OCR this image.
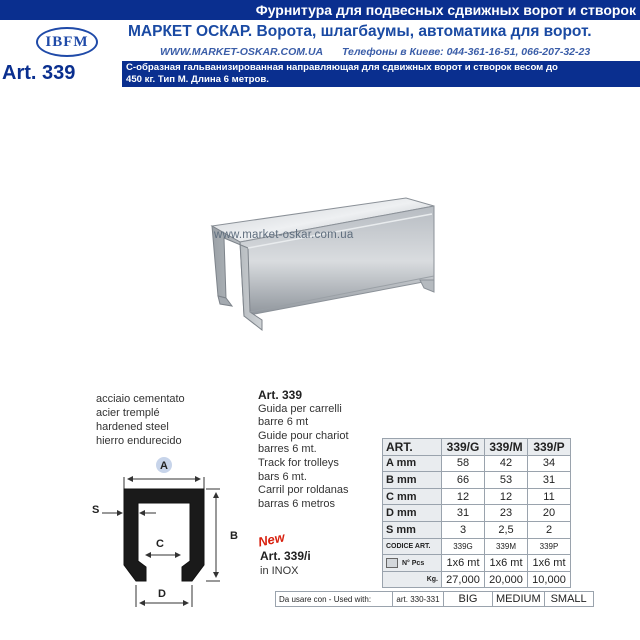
Фурнитура для подвесных сдвижных ворот и створок
IBFM
МАРКЕТ ОСКАР. Ворота, шлагбаумы, автоматика для ворот.
WWW.MARKET-OSKAR.COM.UA Телефоны в Киеве: 044-361-16-51, 066-207-32-23
Art. 339	С-образная гальванизированная направляющая для сдвижных ворот и створок весом до
450 кг. Тип М. Длина 6 метров.
www.market-oskar.com.ua
acciaio cementato
acier tremplé
hardened steel
hierro endurecido
Art. 339
Guida per carrelli
barre 6 mt
Guide pour chariot
barres 6 mt.
Track for trolleys
bars 6 mt.
Carril por roldanas
barras 6 metros
New
Art. 339/i
in INOX
A
B
S
C
D
ART.	339/G	339/M	339/P
A mm	58	42	34
B mm	66	53	31
C mm	12	12	11
D mm	31	23	20
S mm	3	2,5	2
CODICE ART.	339G	339M	339P
N° Pcs	1x6 mt	1x6 mt	1x6 mt
Kg.	27,000	20,000	10,000
Da usare con - Used with:	art. 330-331	BIG	MEDIUM	SMALL
